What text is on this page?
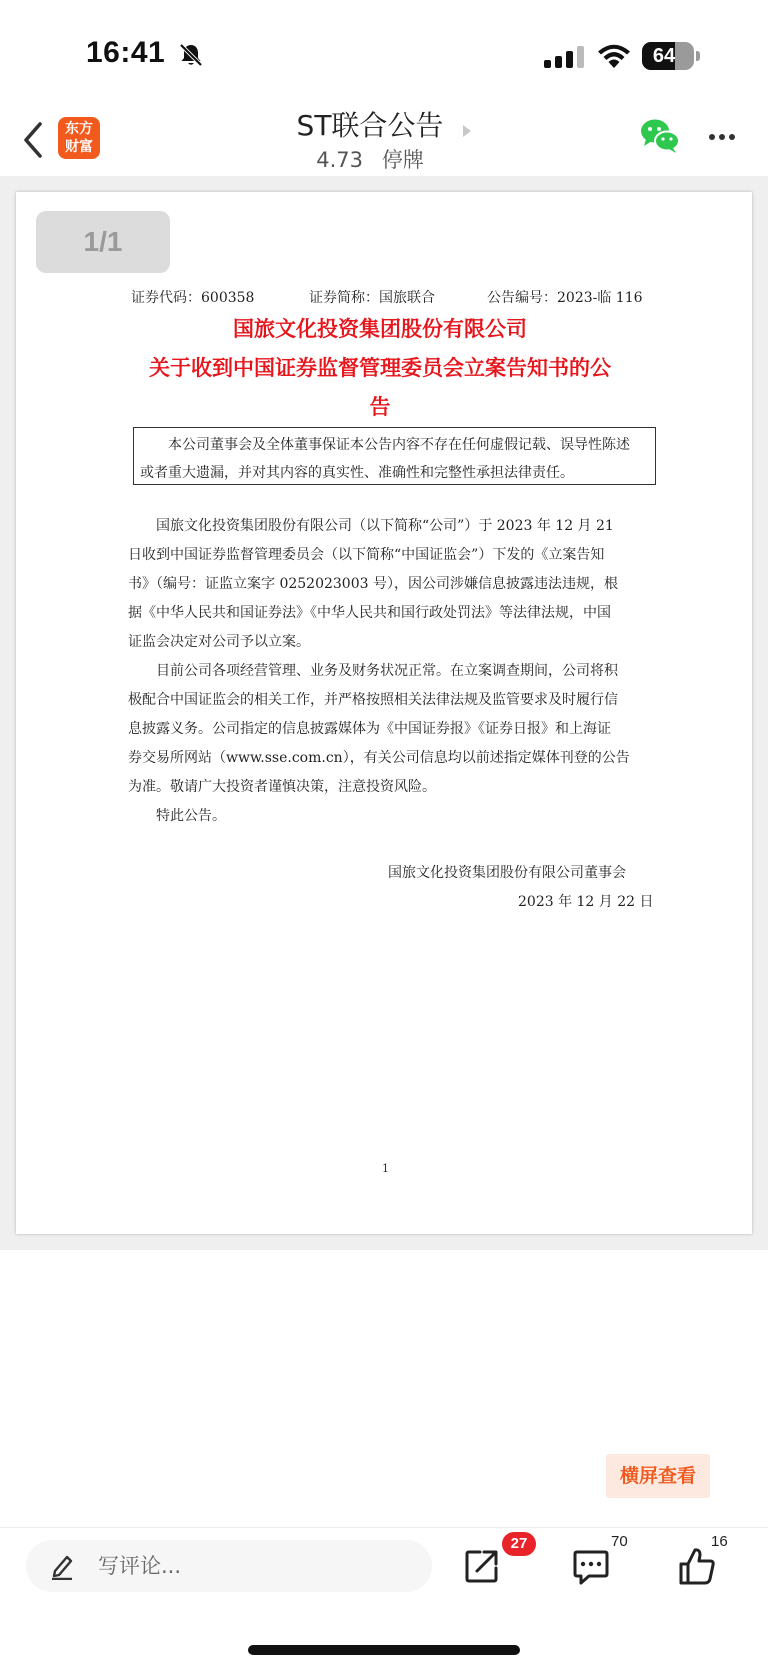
16:41	64
东方
财富
ST联合公告
4.73 停牌
1/1
证券代码：600358	证券简称：国旅联合	公告编号：2023-临 116
国旅文化投资集团股份有限公司
关于收到中国证券监督管理委员会立案告知书的公
告
本公司董事会及全体董事保证本公告内容不存在任何虚假记载、误导性陈述
或者重大遗漏，并对其内容的真实性、准确性和完整性承担法律责任。
　　国旅文化投资集团股份有限公司（以下简称“公司”）于 2023 年 12 月 21
日收到中国证券监督管理委员会（以下简称“中国证监会”）下发的《立案告知
书》（编号：证监立案字 0252023003 号），因公司涉嫌信息披露违法违规，根
据《中华人民共和国证券法》《中华人民共和国行政处罚法》等法律法规，中国
证监会决定对公司予以立案。
　　目前公司各项经营管理、业务及财务状况正常。在立案调查期间，公司将积
极配合中国证监会的相关工作，并严格按照相关法律法规及监管要求及时履行信
息披露义务。公司指定的信息披露媒体为《中国证券报》《证券日报》和上海证
券交易所网站（www.sse.com.cn），有关公司信息均以前述指定媒体刊登的公告
为准。敬请广大投资者谨慎决策，注意投资风险。
　　特此公告。
国旅文化投资集团股份有限公司董事会
2023 年 12 月 22 日
1
横屏查看
写评论...
27	70	16
